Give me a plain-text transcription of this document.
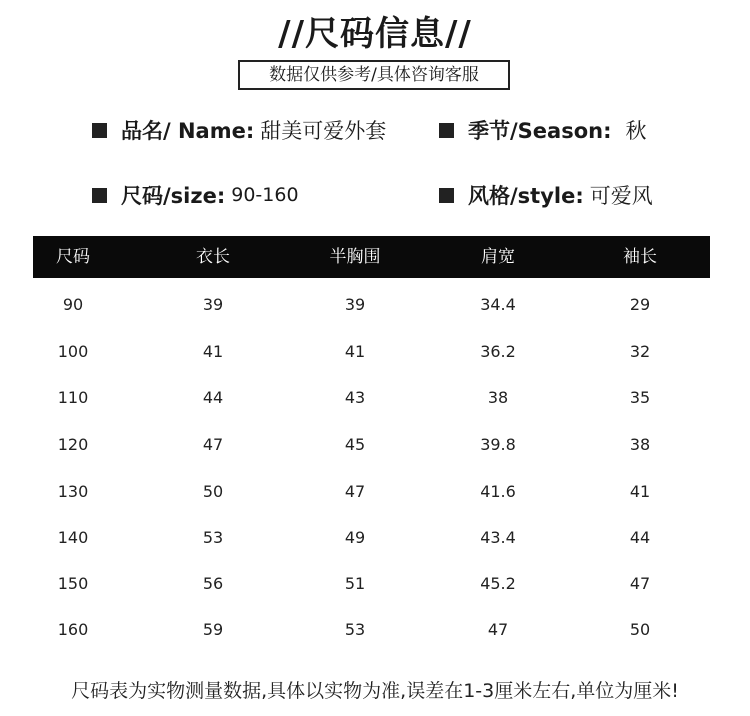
//尺码信息//
数据仅供参考/具体咨询客服
品名/ Name: 甜美可爱外套	季节/Season: 秋
尺码/size: 90-160	风格/style: 可爱风
尺码	衣长	半胸围	肩宽	袖长
90	39	39	34.4	29
100	41	41	36.2	32
110	44	43	38	35
120	47	45	39.8	38
130	50	47	41.6	41
140	53	49	43.4	44
150	56	51	45.2	47
160	59	53	47	50
尺码表为实物测量数据,具体以实物为准,误差在1-3厘米左右,单位为厘米!
